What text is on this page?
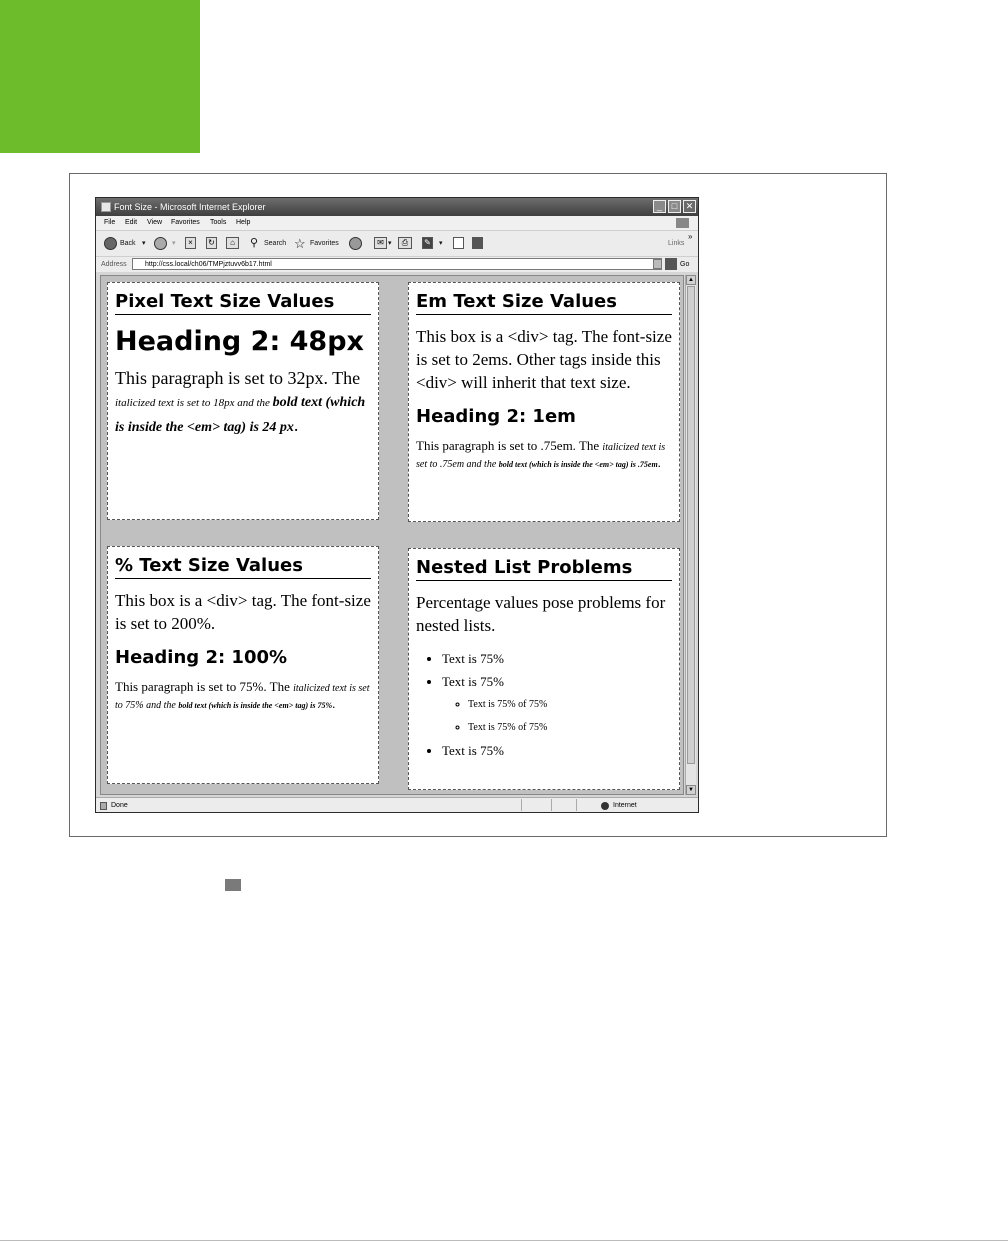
Font Size - Microsoft Internet Explorer	_	□ ✕
File Edit View Favorites Tools Help
Back ▾	▾	×	↻	⌂	⚲ Search ☆ Favorites	✉ ▾	⎙	✎	▾	Links
»
Address	http://css.local/ch06/TMPjztuvv6b17.html	Go
Pixel Text Size Values
Heading 2: 48px

This paragraph is set to 32px. The italicized text is set to 18px and the bold text (which is inside the <em> tag) is 24 px.

Em Text Size Values

This box is a <div> tag. The font-size is set to 2ems. Other tags inside this <div> will inherit that text size.

Heading 2: 1em

This paragraph is set to .75em. The italicized text is set to .75em and the bold text (which is inside the <em> tag) is .75em.

% Text Size Values

This box is a <div> tag. The font-size is set to 200%.

Heading 2: 100%

This paragraph is set to 75%. The italicized text is set to 75% and the bold text (which is inside the <em> tag) is 75%.

Nested List Problems

Percentage values pose problems for nested lists.

• Text is 75%
• Text is 75%
◦ Text is 75% of 75%
◦ Text is 75% of 75%
• Text is 75%
▲
▼
Done	Internet
